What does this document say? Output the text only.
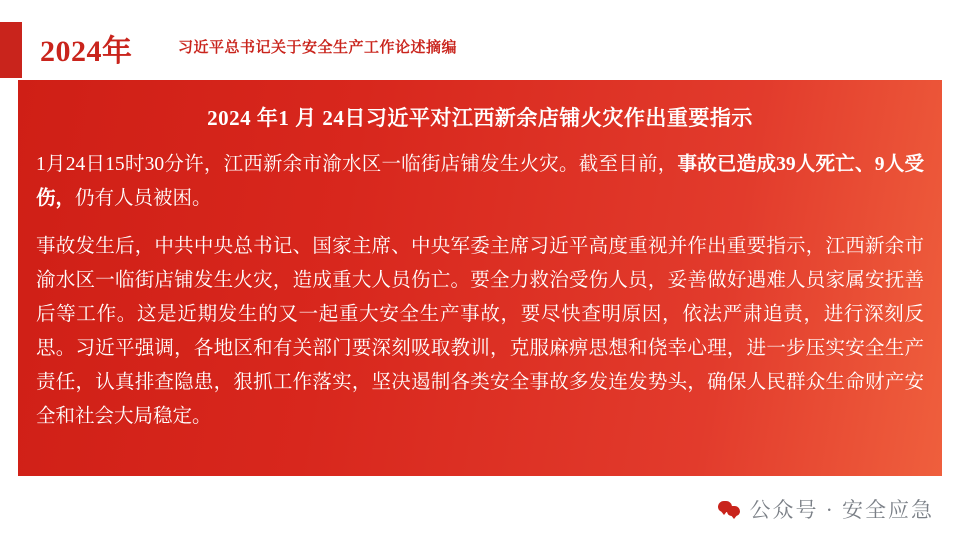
2024年	习近平总书记关于安全生产工作论述摘编
2024 年1 月 24日习近平对江西新余店铺火灾作出重要指示
1月24日15时30分许，江西新余市渝水区一临街店铺发生火灾。截至目前，事故已造成39人死亡、9人受伤，仍有人员被困。
事故发生后，中共中央总书记、国家主席、中央军委主席习近平高度重视并作出重要指示，江西新余市渝水区一临街店铺发生火灾，造成重大人员伤亡。要全力救治受伤人员，妥善做好遇难人员家属安抚善后等工作。这是近期发生的又一起重大安全生产事故，要尽快查明原因，依法严肃追责，进行深刻反思。习近平强调，各地区和有关部门要深刻吸取教训，克服麻痹思想和侥幸心理，进一步压实安全生产责任，认真排查隐患，狠抓工作落实，坚决遏制各类安全事故多发连发势头，确保人民群众生命财产安全和社会大局稳定。
公众号 · 安全应急
